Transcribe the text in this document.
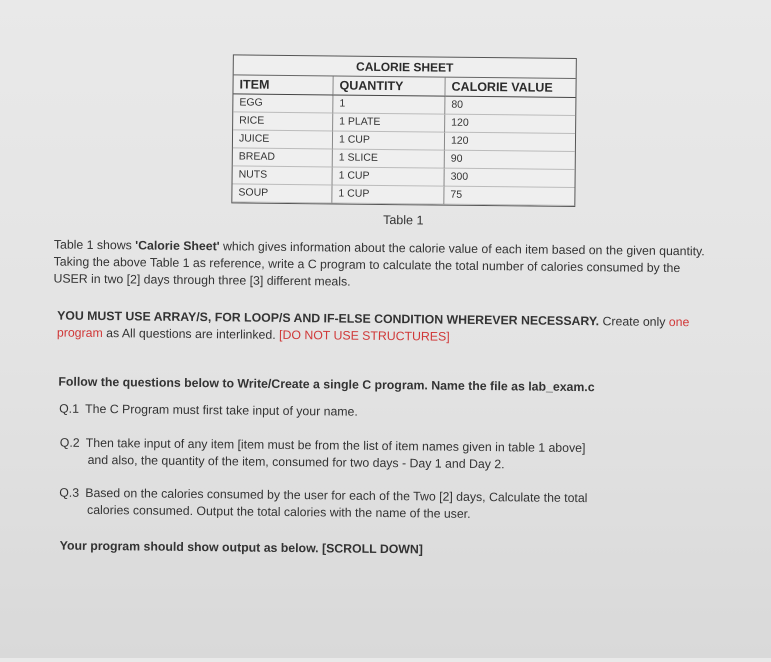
CALORIE SHEET
ITEM	QUANTITY	CALORIE VALUE
EGG	1	80
RICE	1 PLATE	120
JUICE	1 CUP	120
BREAD	1 SLICE	90
NUTS	1 CUP	300
SOUP	1 CUP	75
Table 1
Table 1 shows 'Calorie Sheet' which gives information about the calorie value of each item based on the given quantity. Taking the above Table 1 as reference, write a C program to calculate the total number of calories consumed by the USER in two [2] days through three [3] different meals.
YOU MUST USE ARRAY/S, FOR LOOP/S AND IF-ELSE CONDITION WHEREVER NECESSARY. Create only one program as All questions are interlinked. [DO NOT USE STRUCTURES]
Follow the questions below to Write/Create a single C program. Name the file as lab_exam.c
Q.1 The C Program must first take input of your name.
Q.2 Then take input of any item [item must be from the list of item names given in table 1 above]
and also, the quantity of the item, consumed for two days - Day 1 and Day 2.
Q.3 Based on the calories consumed by the user for each of the Two [2] days, Calculate the total
calories consumed. Output the total calories with the name of the user.
Your program should show output as below. [SCROLL DOWN]
